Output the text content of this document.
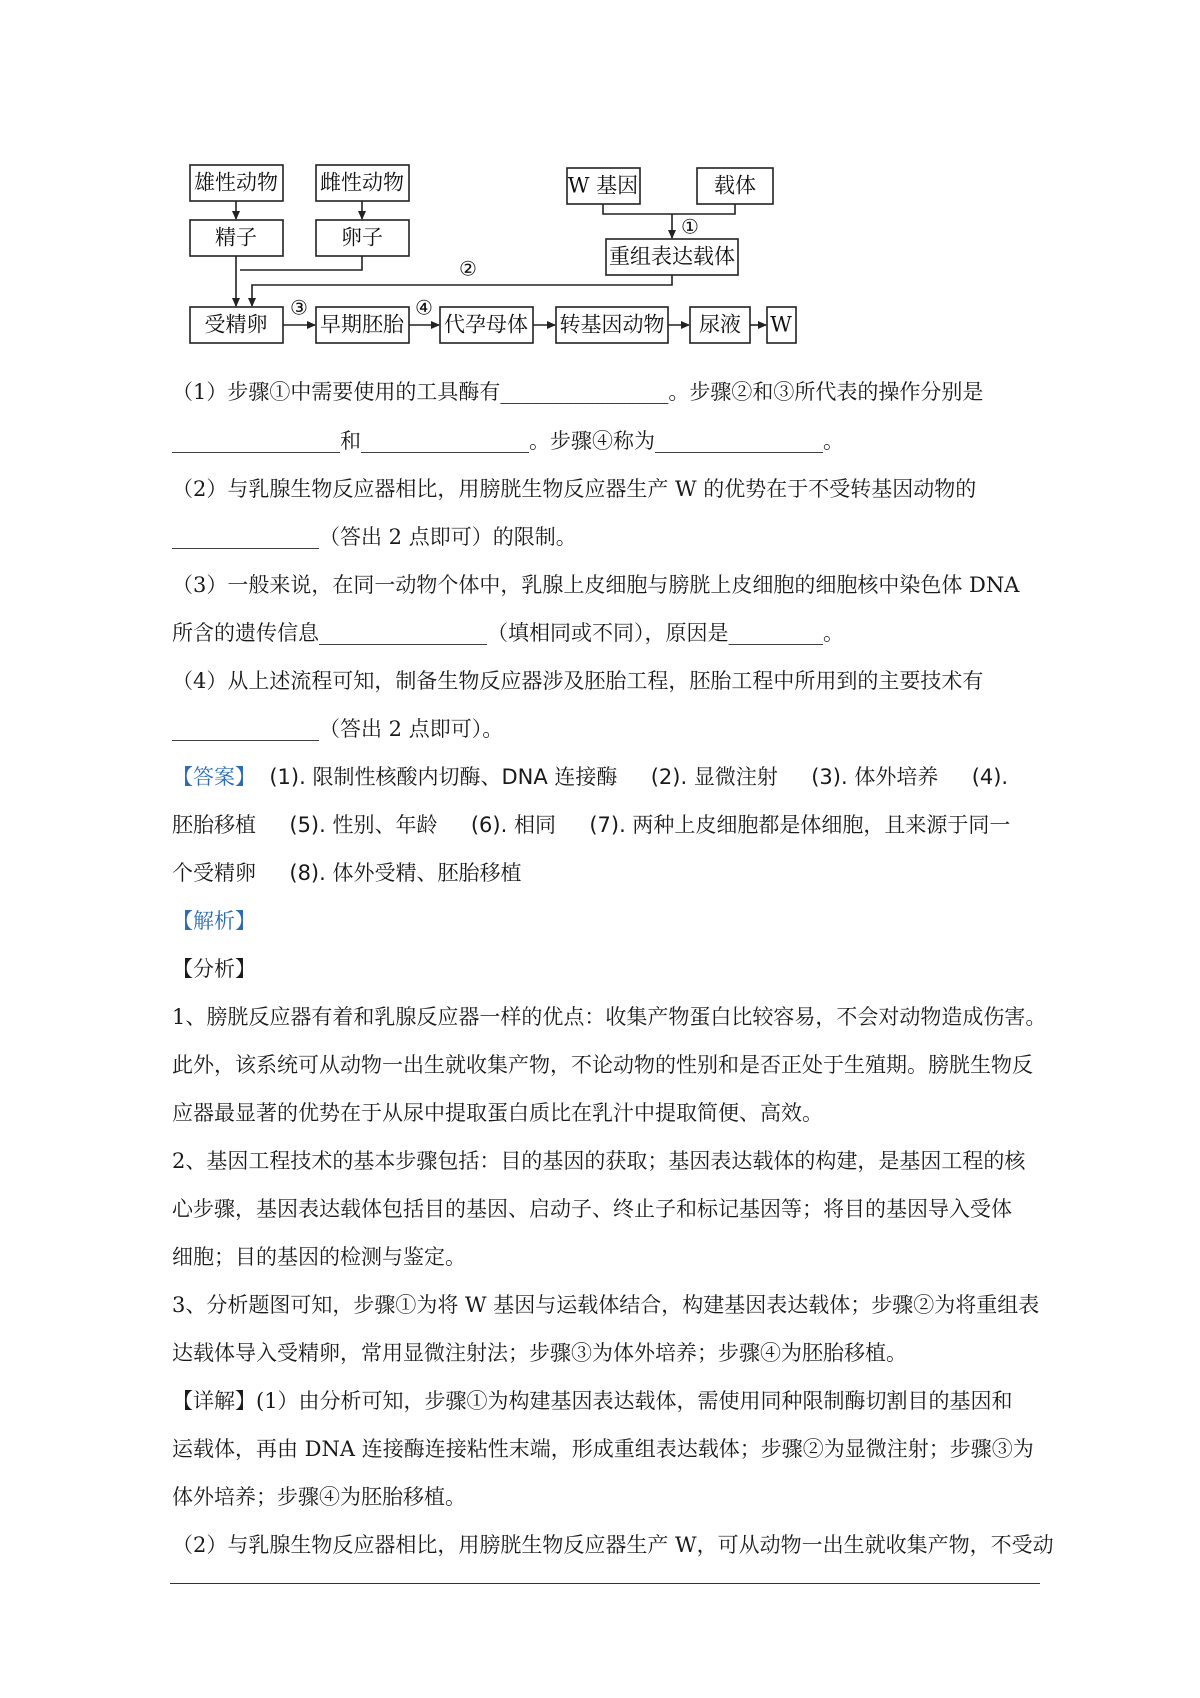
雄性动物 雌性动物	W 基因	载体
精子	卵子
重组表达载体
受精卵	早期胚胎 代孕母体 转基因动物 尿液 W
①
②
③	④
（1）步骤①中需要使用的工具酶有________________。步骤②和③所代表的操作分别是
________________和________________。步骤④称为________________。
（2）与乳腺生物反应器相比，用膀胱生物反应器生产 W 的优势在于不受转基因动物的
______________（答出 2 点即可）的限制。
（3）一般来说，在同一动物个体中，乳腺上皮细胞与膀胱上皮细胞的细胞核中染色体 DNA
所含的遗传信息________________（填相同或不同），原因是_________。
（4）从上述流程可知，制备生物反应器涉及胚胎工程，胚胎工程中所用到的主要技术有
______________（答出 2 点即可）。
【答案】  (1). 限制性核酸内切酶、DNA 连接酶     (2). 显微注射     (3). 体外培养     (4).
胚胎移植     (5). 性别、年龄     (6). 相同     (7). 两种上皮细胞都是体细胞，且来源于同一
个受精卵     (8). 体外受精、胚胎移植
【解析】
【分析】
1、膀胱反应器有着和乳腺反应器一样的优点：收集产物蛋白比较容易，不会对动物造成伤害。
此外，该系统可从动物一出生就收集产物，不论动物的性别和是否正处于生殖期。膀胱生物反
应器最显著的优势在于从尿中提取蛋白质比在乳汁中提取简便、高效。
2、基因工程技术的基本步骤包括：目的基因的获取；基因表达载体的构建，是基因工程的核
心步骤，基因表达载体包括目的基因、启动子、终止子和标记基因等；将目的基因导入受体
细胞；目的基因的检测与鉴定。
3、分析题图可知，步骤①为将 W 基因与运载体结合，构建基因表达载体；步骤②为将重组表
达载体导入受精卵，常用显微注射法；步骤③为体外培养；步骤④为胚胎移植。
【详解】(1）由分析可知，步骤①为构建基因表达载体，需使用同种限制酶切割目的基因和
运载体，再由 DNA 连接酶连接粘性末端，形成重组表达载体；步骤②为显微注射；步骤③为
体外培养；步骤④为胚胎移植。
（2）与乳腺生物反应器相比，用膀胱生物反应器生产 W，可从动物一出生就收集产物，不受动
